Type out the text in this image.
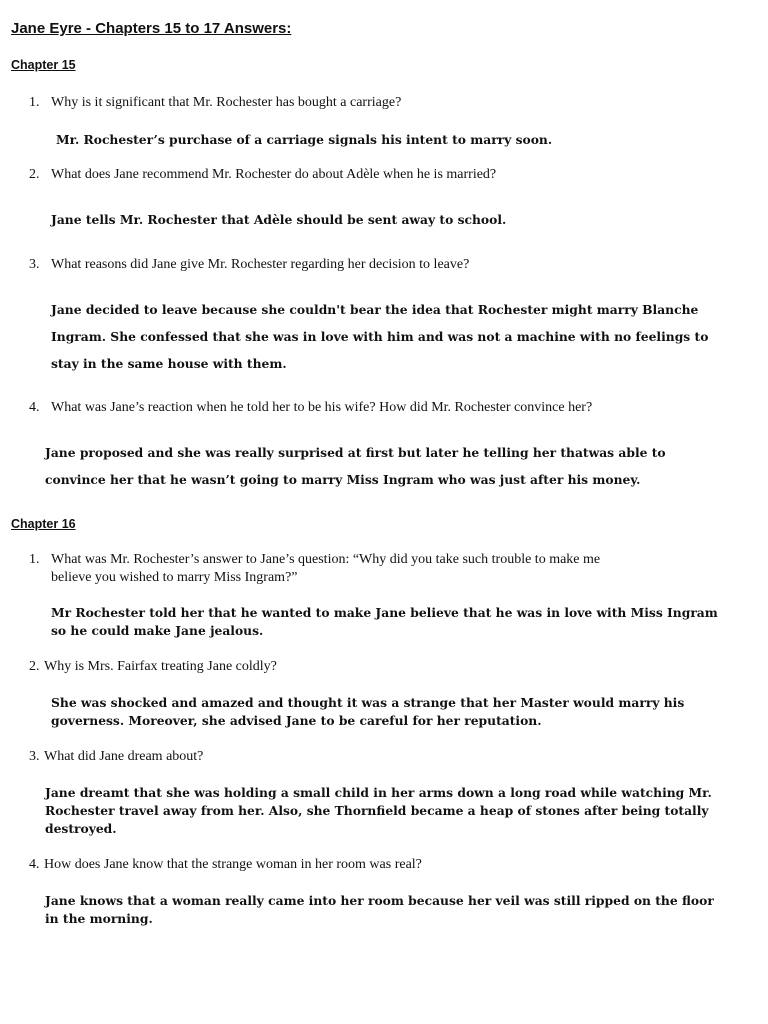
Jane Eyre - Chapters 15 to 17 Answers:
Chapter 15
1. Why is it significant that Mr. Rochester has bought a carriage?
Mr. Rochester’s purchase of a carriage signals his intent to marry soon.
2. What does Jane recommend Mr. Rochester do about Adèle when he is married?
Jane tells Mr. Rochester that Adèle should be sent away to school.
3. What reasons did Jane give Mr. Rochester regarding her decision to leave?
Jane decided to leave because she couldn't bear the idea that Rochester might marry Blanche
Ingram. She confessed that she was in love with him and was not a machine with no feelings to
stay in the same house with them.
4. What was Jane’s reaction when he told her to be his wife? How did Mr. Rochester convince her?
Jane proposed and she was really surprised at first but later he telling her thatwas able to
convince her that he wasn’t going to marry Miss Ingram who was just after his money.
Chapter 16
1. What was Mr. Rochester’s answer to Jane’s question: “Why did you take such trouble to make me
believe you wished to marry Miss Ingram?”
Mr Rochester told her that he wanted to make Jane believe that he was in love with Miss Ingram
so he could make Jane jealous.
2. Why is Mrs. Fairfax treating Jane coldly?
She was shocked and amazed and thought it was a strange that her Master would marry his
governess. Moreover, she advised Jane to be careful for her reputation.
3. What did Jane dream about?
Jane dreamt that she was holding a small child in her arms down a long road while watching Mr.
Rochester travel away from her. Also, she Thornfield became a heap of stones after being totally
destroyed.
4. How does Jane know that the strange woman in her room was real?
Jane knows that a woman really came into her room because her veil was still ripped on the floor
in the morning.
